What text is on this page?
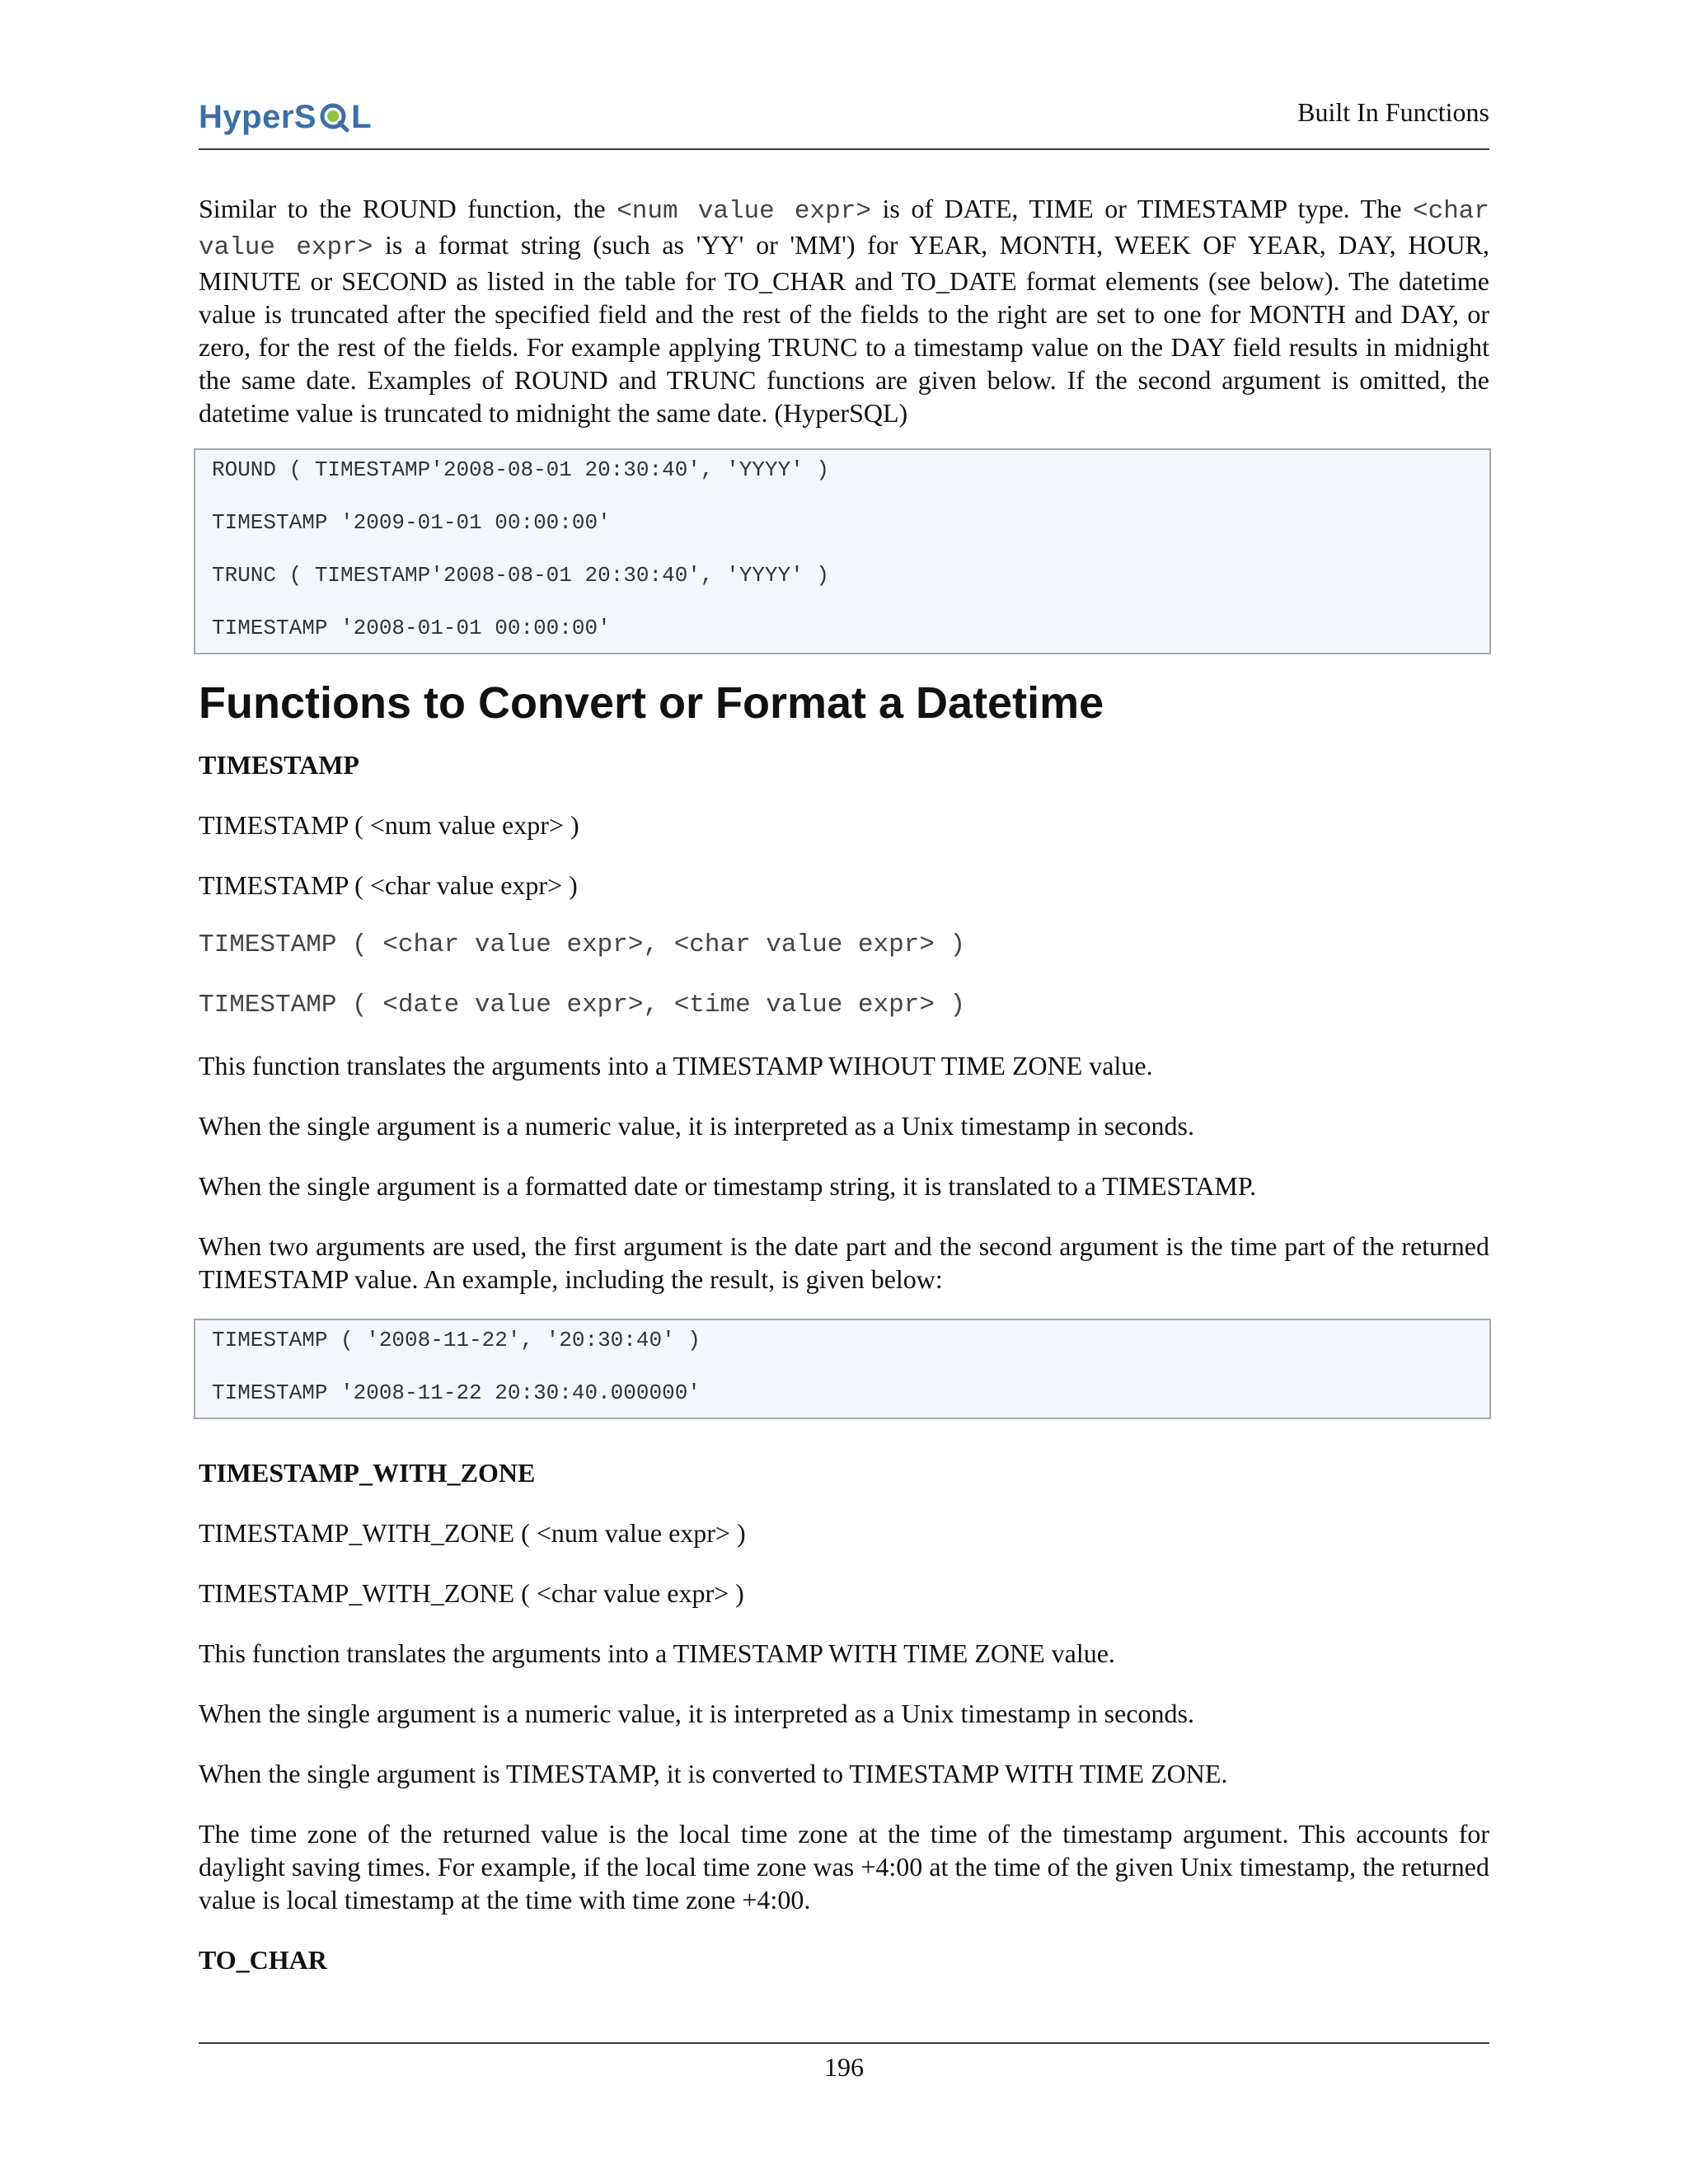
HyperS L	Built In Functions

Similar to the ROUND function, the <num value expr> is of DATE, TIME or TIMESTAMP type. The <char value expr> is a format string (such as 'YY' or 'MM') for YEAR, MONTH, WEEK OF YEAR, DAY, HOUR, MINUTE or SECOND as listed in the table for TO_CHAR and TO_DATE format elements (see below). The datetime value is truncated after the specified field and the rest of the fields to the right are set to one for MONTH and DAY, or zero, for the rest of the fields. For example applying TRUNC to a timestamp value on the DAY field results in midnight the same date. Examples of ROUND and TRUNC functions are given below. If the second argument is omitted, the datetime value is truncated to midnight the same date. (HyperSQL)

ROUND ( TIMESTAMP'2008-08-01 20:30:40', 'YYYY' )
TIMESTAMP '2009-01-01 00:00:00'
TRUNC ( TIMESTAMP'2008-08-01 20:30:40', 'YYYY' )
TIMESTAMP '2008-01-01 00:00:00'
Functions to Convert or Format a Datetime
TIMESTAMP

TIMESTAMP ( <num value expr> )

TIMESTAMP ( <char value expr> )

TIMESTAMP ( <char value expr>, <char value expr> )
TIMESTAMP ( <date value expr>, <time value expr> )

This function translates the arguments into a TIMESTAMP WIHOUT TIME ZONE value.

When the single argument is a numeric value, it is interpreted as a Unix timestamp in seconds.

When the single argument is a formatted date or timestamp string, it is translated to a TIMESTAMP.

When two arguments are used, the first argument is the date part and the second argument is the time part of the returned TIMESTAMP value. An example, including the result, is given below:

TIMESTAMP ( '2008-11-22', '20:30:40' )
TIMESTAMP '2008-11-22 20:30:40.000000'
TIMESTAMP_WITH_ZONE

TIMESTAMP_WITH_ZONE ( <num value expr> )

TIMESTAMP_WITH_ZONE ( <char value expr> )

This function translates the arguments into a TIMESTAMP WITH TIME ZONE value.

When the single argument is a numeric value, it is interpreted as a Unix timestamp in seconds.

When the single argument is TIMESTAMP, it is converted to TIMESTAMP WITH TIME ZONE.

The time zone of the returned value is the local time zone at the time of the timestamp argument. This accounts for daylight saving times. For example, if the local time zone was +4:00 at the time of the given Unix timestamp, the returned value is local timestamp at the time with time zone +4:00.

TO_CHAR
196
